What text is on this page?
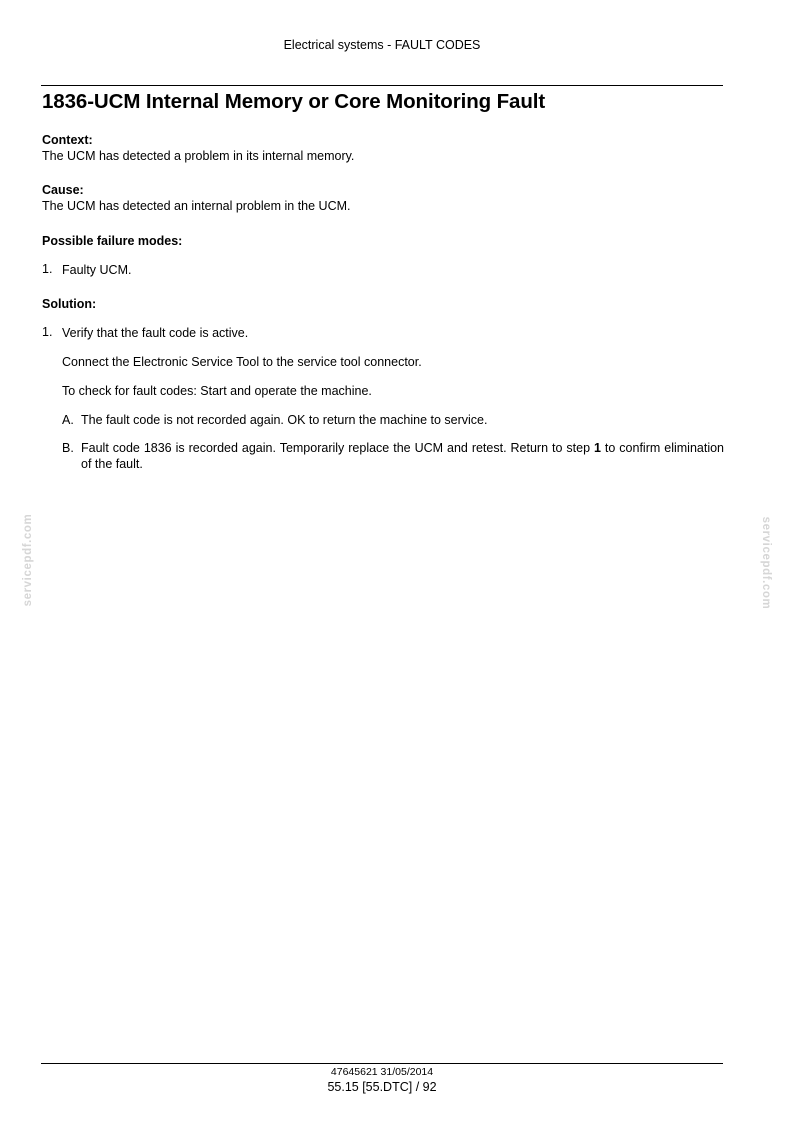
Electrical systems - FAULT CODES
1836-UCM Internal Memory or Core Monitoring Fault
Context:
The UCM has detected a problem in its internal memory.
Cause:
The UCM has detected an internal problem in the UCM.
Possible failure modes:
1. Faulty UCM.
Solution:
1. Verify that the fault code is active.
Connect the Electronic Service Tool to the service tool connector.
To check for fault codes: Start and operate the machine.
A. The fault code is not recorded again. OK to return the machine to service.
B. Fault code 1836 is recorded again. Temporarily replace the UCM and retest. Return to step 1 to confirm elimination of the fault.
servicepdf.com	servicepdf.com
47645621 31/05/2014
55.15 [55.DTC] / 92
